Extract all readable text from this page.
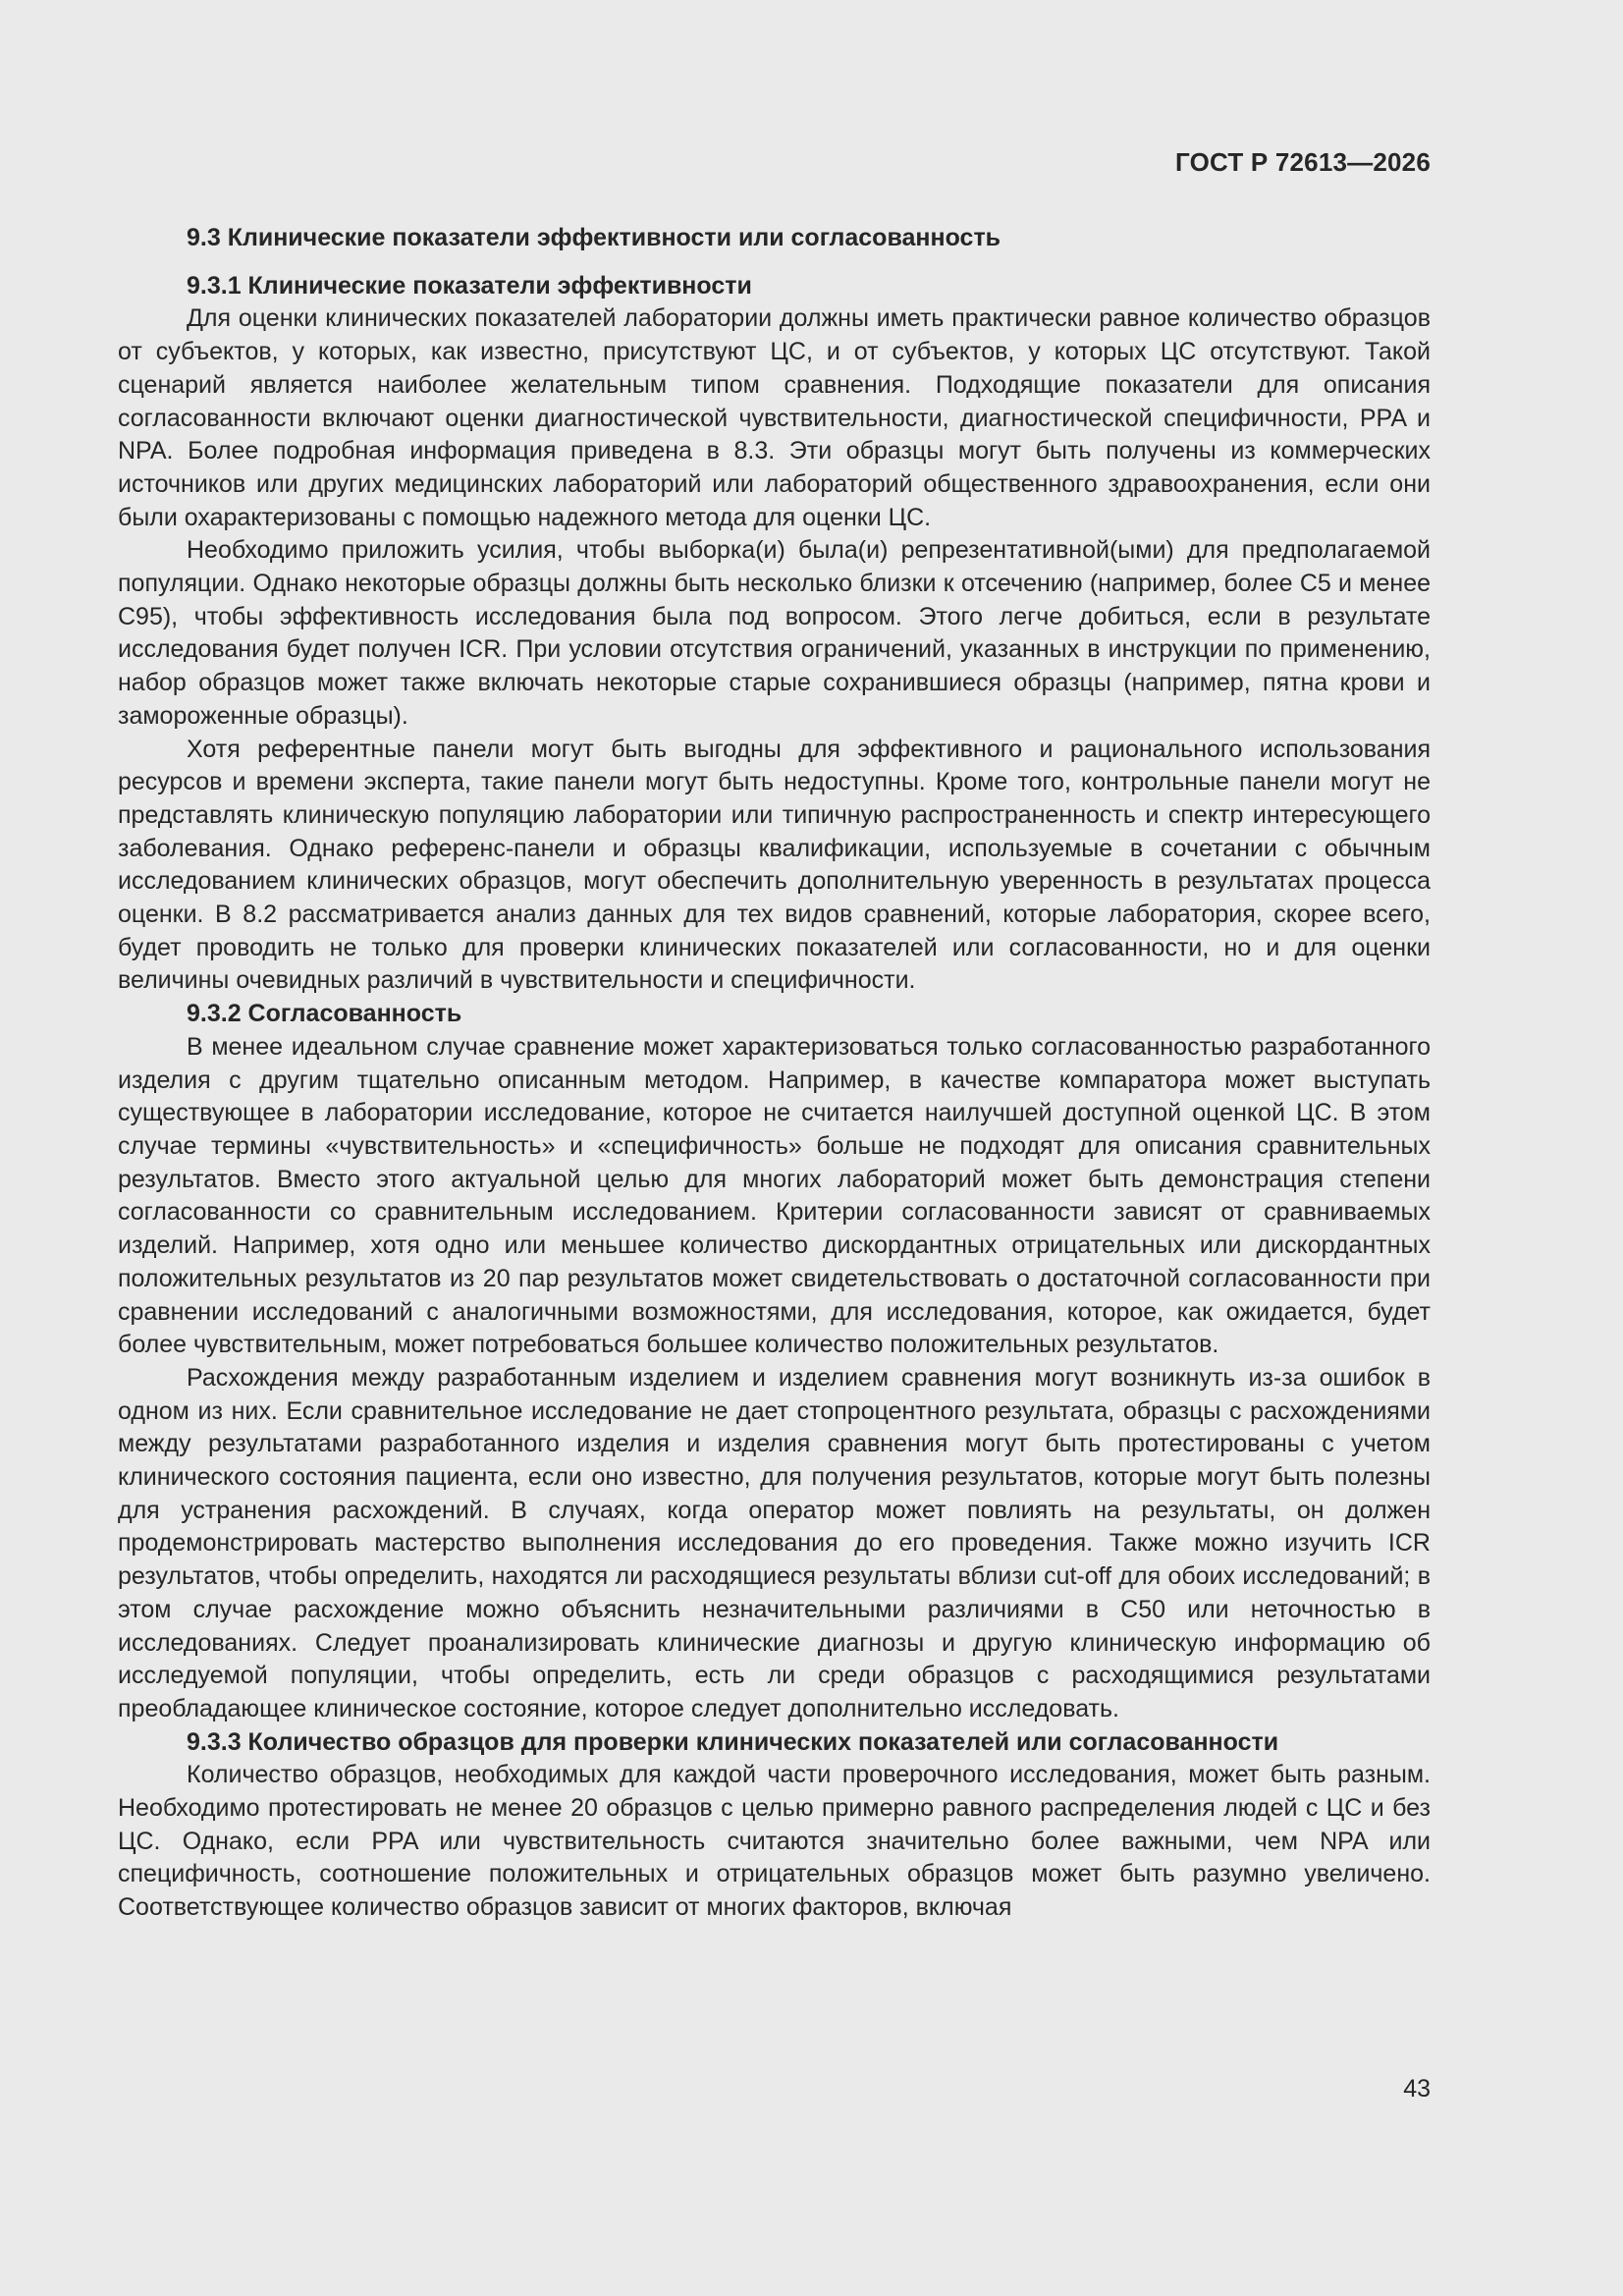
ГОСТ Р 72613—2026
9.3 Клинические показатели эффективности или согласованность
9.3.1 Клинические показатели эффективности

Для оценки клинических показателей лаборатории должны иметь практически равное количество образцов от субъектов, у которых, как известно, присутствуют ЦС, и от субъектов, у которых ЦС отсутствуют. Такой сценарий является наиболее желательным типом сравнения. Подходящие показатели для описания согласованности включают оценки диагностической чувствительности, диагностической специфичности, PPA и NPA. Более подробная информация приведена в 8.3. Эти образцы могут быть получены из коммерческих источников или других медицинских лабораторий или лабораторий общественного здравоохранения, если они были охарактеризованы с помощью надежного метода для оценки ЦС.

Необходимо приложить усилия, чтобы выборка(и) была(и) репрезентативной(ыми) для предполагаемой популяции. Однако некоторые образцы должны быть несколько близки к отсечению (например, более C5 и менее C95), чтобы эффективность исследования была под вопросом. Этого легче добиться, если в результате исследования будет получен ICR. При условии отсутствия ограничений, указанных в инструкции по применению, набор образцов может также включать некоторые старые сохранившиеся образцы (например, пятна крови и замороженные образцы).

Хотя референтные панели могут быть выгодны для эффективного и рационального использования ресурсов и времени эксперта, такие панели могут быть недоступны. Кроме того, контрольные панели могут не представлять клиническую популяцию лаборатории или типичную распространенность и спектр интересующего заболевания. Однако референс-панели и образцы квалификации, используемые в сочетании с обычным исследованием клинических образцов, могут обеспечить дополнительную уверенность в результатах процесса оценки. В 8.2 рассматривается анализ данных для тех видов сравнений, которые лаборатория, скорее всего, будет проводить не только для проверки клинических показателей или согласованности, но и для оценки величины очевидных различий в чувствительности и специфичности.

9.3.2 Согласованность

В менее идеальном случае сравнение может характеризоваться только согласованностью разработанного изделия с другим тщательно описанным методом. Например, в качестве компаратора может выступать существующее в лаборатории исследование, которое не считается наилучшей доступной оценкой ЦС. В этом случае термины «чувствительность» и «специфичность» больше не подходят для описания сравнительных результатов. Вместо этого актуальной целью для многих лабораторий может быть демонстрация степени согласованности со сравнительным исследованием. Критерии согласованности зависят от сравниваемых изделий. Например, хотя одно или меньшее количество дискордантных отрицательных или дискордантных положительных результатов из 20 пар результатов может свидетельствовать о достаточной согласованности при сравнении исследований с аналогичными возможностями, для исследования, которое, как ожидается, будет более чувствительным, может потребоваться большее количество положительных результатов.

Расхождения между разработанным изделием и изделием сравнения могут возникнуть из-за ошибок в одном из них. Если сравнительное исследование не дает стопроцентного результата, образцы с расхождениями между результатами разработанного изделия и изделия сравнения могут быть протестированы с учетом клинического состояния пациента, если оно известно, для получения результатов, которые могут быть полезны для устранения расхождений. В случаях, когда оператор может повлиять на результаты, он должен продемонстрировать мастерство выполнения исследования до его проведения. Также можно изучить ICR результатов, чтобы определить, находятся ли расходящиеся результаты вблизи cut-off для обоих исследований; в этом случае расхождение можно объяснить незначительными различиями в C50 или неточностью в исследованиях. Следует проанализировать клинические диагнозы и другую клиническую информацию об исследуемой популяции, чтобы определить, есть ли среди образцов с расходящимися результатами преобладающее клиническое состояние, которое следует дополнительно исследовать.

9.3.3 Количество образцов для проверки клинических показателей или согласованности

Количество образцов, необходимых для каждой части проверочного исследования, может быть разным. Необходимо протестировать не менее 20 образцов с целью примерно равного распределения людей с ЦС и без ЦС. Однако, если PPA или чувствительность считаются значительно более важными, чем NPA или специфичность, соотношение положительных и отрицательных образцов может быть разумно увеличено. Соответствующее количество образцов зависит от многих факторов, включая

43
